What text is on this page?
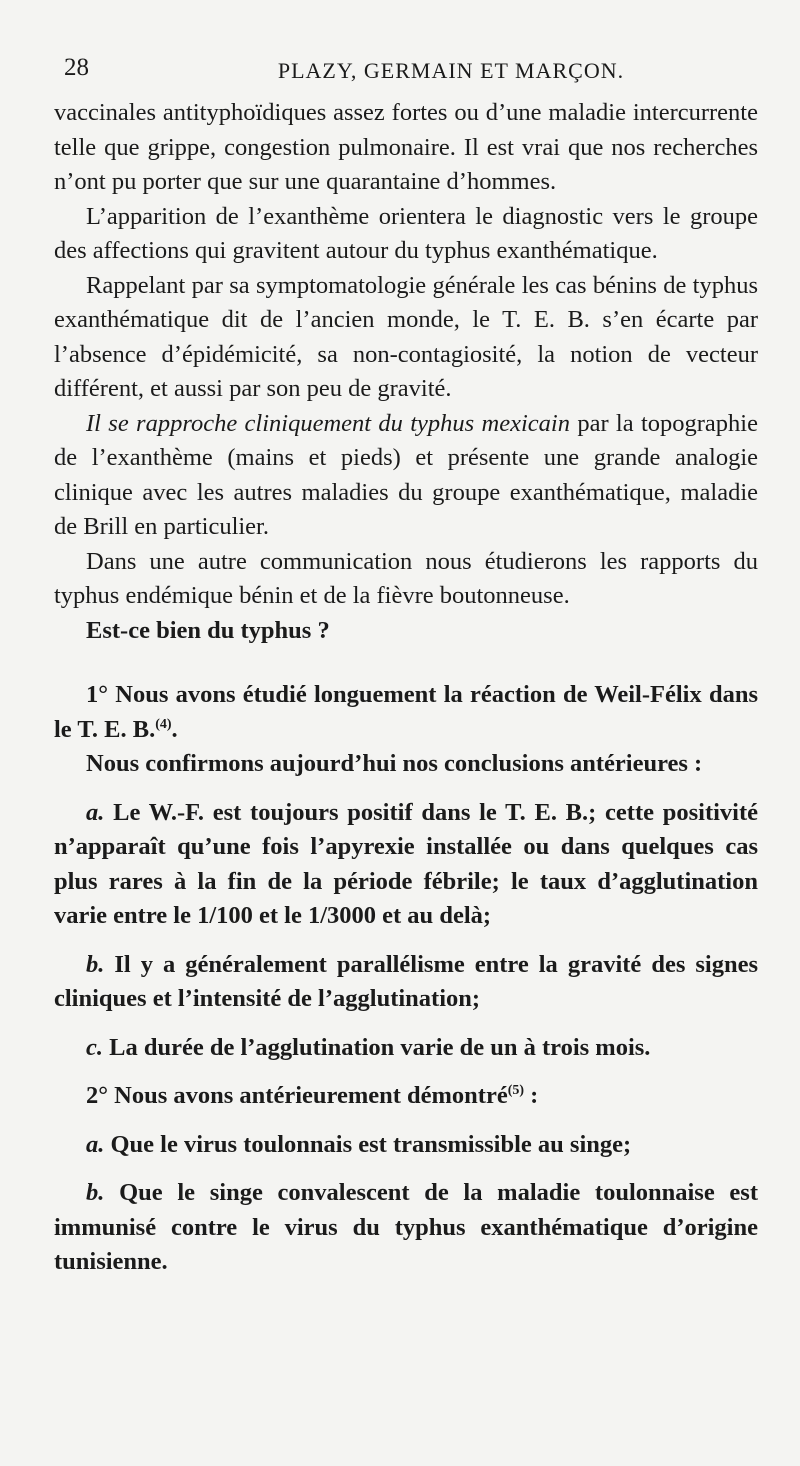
28	PLAZY, GERMAIN ET MARÇON.

vaccinales antityphoïdiques assez fortes ou d’une maladie intercurrente telle que grippe, congestion pulmonaire. Il est vrai que nos recherches n’ont pu porter que sur une quarantaine d’hommes.

L’apparition de l’exanthème orientera le diagnostic vers le groupe des affections qui gravitent autour du typhus exanthématique.

Rappelant par sa symptomatologie générale les cas bénins de typhus exanthématique dit de l’ancien monde, le T. E. B. s’en écarte par l’absence d’épidémicité, sa non-contagiosité, la notion de vecteur différent, et aussi par son peu de gravité.

Il se rapproche cliniquement du typhus mexicain par la topographie de l’exanthème (mains et pieds) et présente une grande analogie clinique avec les autres maladies du groupe exanthématique, maladie de Brill en particulier.

Dans une autre communication nous étudierons les rapports du typhus endémique bénin et de la fièvre boutonneuse.

Est-ce bien du typhus ?

1° Nous avons étudié longuement la réaction de Weil-Félix dans le T. E. B.$^{(4)}$.

Nous confirmons aujourd’hui nos conclusions antérieures :

a. Le W.-F. est toujours positif dans le T. E. B.; cette positivité n’apparaît qu’une fois l’apyrexie installée ou dans quelques cas plus rares à la fin de la période fébrile; le taux d’agglutination varie entre le 1/100 et le 1/3000 et au delà;

b. Il y a généralement parallélisme entre la gravité des signes cliniques et l’intensité de l’agglutination;

c. La durée de l’agglutination varie de un à trois mois.

2° Nous avons antérieurement démontré$^{(5)}$ :

a. Que le virus toulonnais est transmissible au singe;

b. Que le singe convalescent de la maladie toulonnaise est immunisé contre le virus du typhus exanthématique d’origine tunisienne.
